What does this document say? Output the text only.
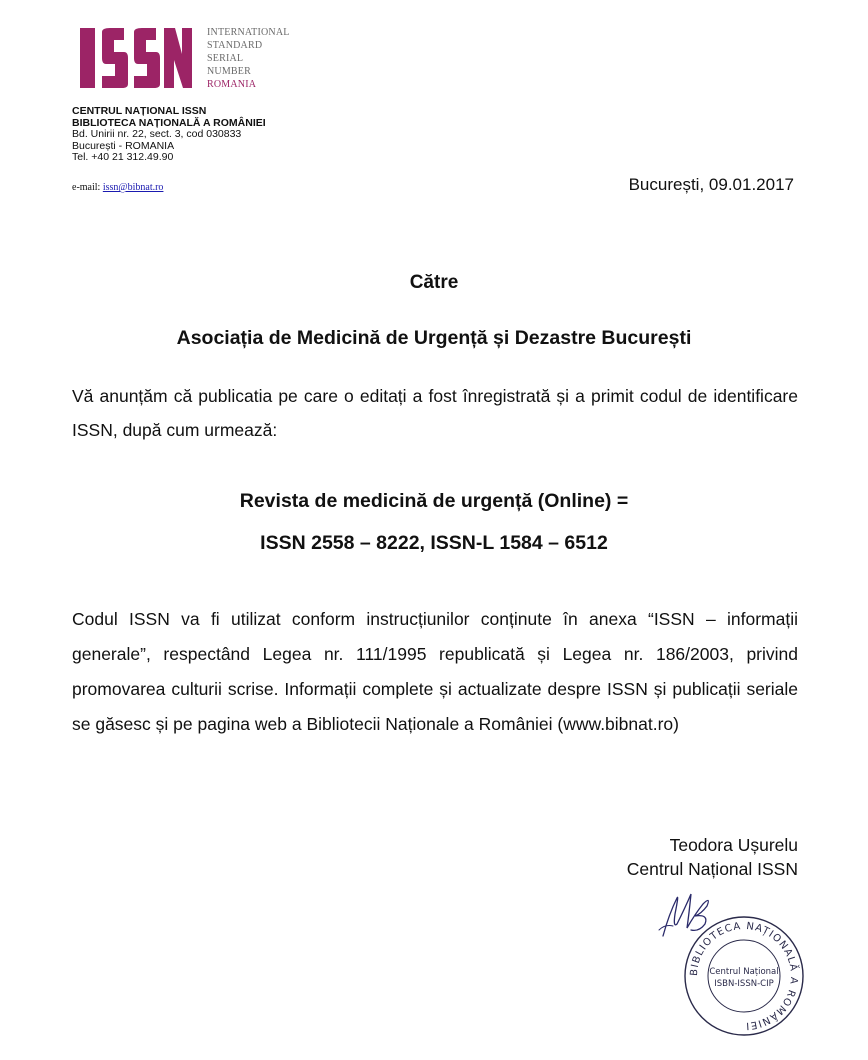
INTERNATIONAL
STANDARD
SERIAL
NUMBER
ROMANIA
CENTRUL NAȚIONAL ISSN
BIBLIOTECA NAȚIONALĂ A ROMÂNIEI
Bd. Unirii nr. 22, sect. 3, cod 030833
București - ROMANIA
Tel. +40 21 312.49.90
e-mail: issn@bibnat.ro	București, 09.01.2017
Către
Asociația de Medicină de Urgență și Dezastre București
Vă anunțăm că publicatia pe care o editați a fost înregistrată și a primit codul de identificare ISSN, după cum urmează:
Revista de medicină de urgență (Online) =
ISSN 2558 – 8222, ISSN-L 1584 – 6512
Codul ISSN va fi utilizat conform instrucțiunilor conținute în anexa “ISSN – informații generale”, respectând Legea nr. 111/1995 republicată și Legea nr. 186/2003, privind promovarea culturii scrise. Informații complete și actualizate despre ISSN și publicații seriale se găsesc și pe pagina web a Bibliotecii Naționale a României (www.bibnat.ro)
Teodora Ușurelu
Centrul Național ISSN
BIBLIOTECA NAȚIONALĂ A ROMÂNIEI
Centrul Național
ISBN-ISSN-CIP
